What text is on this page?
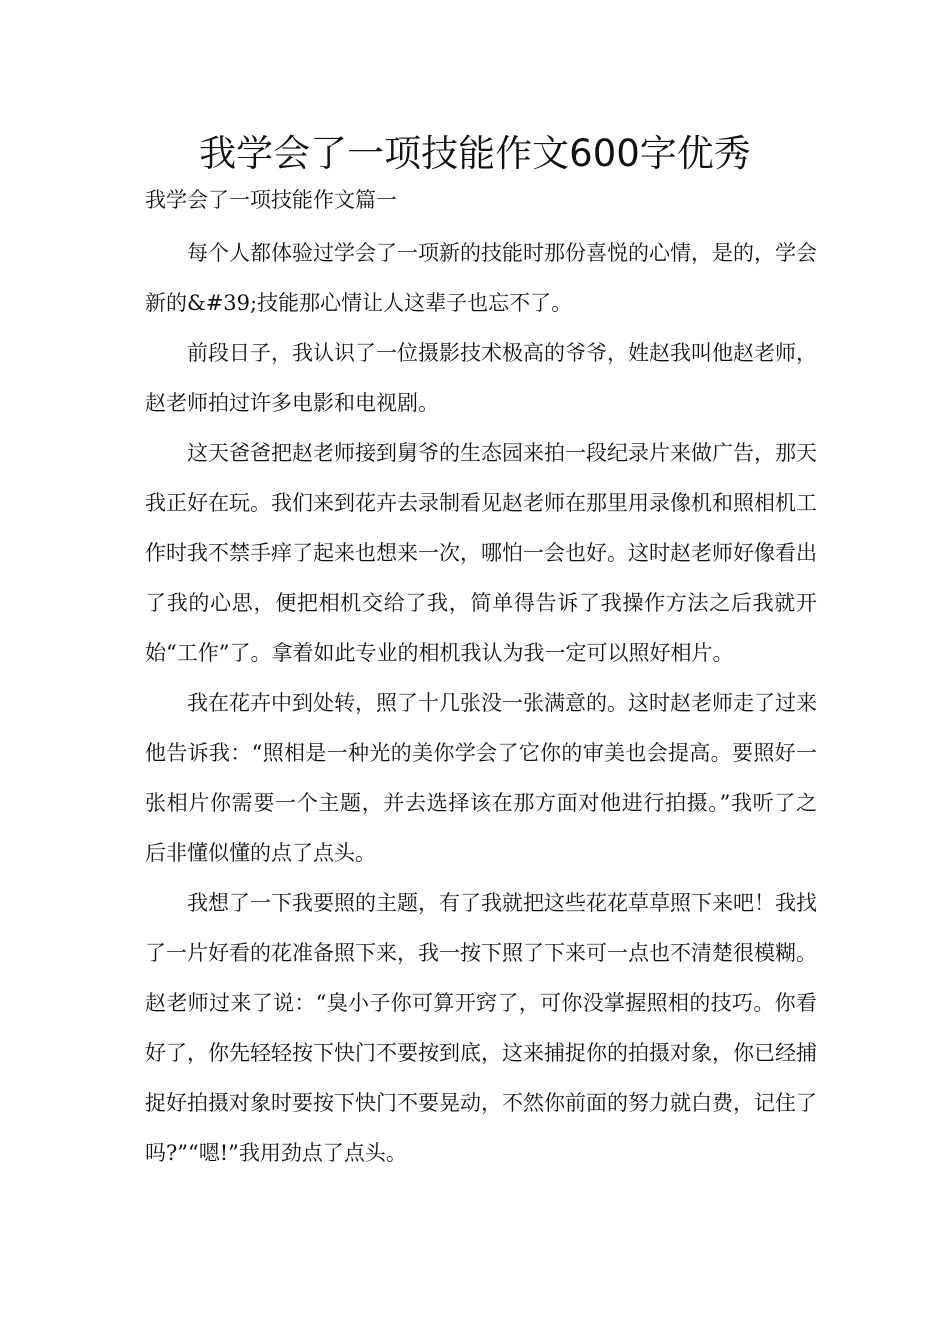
我学会了一项技能作文600字优秀
我学会了一项技能作文篇一

每个人都体验过学会了一项新的技能时那份喜悦的心情，是的，学会新的&#39;技能那心情让人这辈子也忘不了。

前段日子，我认识了一位摄影技术极高的爷爷，姓赵我叫他赵老师，赵老师拍过许多电影和电视剧。

这天爸爸把赵老师接到舅爷的生态园来拍一段纪录片来做广告，那天我正好在玩。我们来到花卉去录制看见赵老师在那里用录像机和照相机工作时我不禁手痒了起来也想来一次，哪怕一会也好。这时赵老师好像看出了我的心思，便把相机交给了我，简单得告诉了我操作方法之后我就开始“工作”了。拿着如此专业的相机我认为我一定可以照好相片。

我在花卉中到处转，照了十几张没一张满意的。这时赵老师走了过来他告诉我：“照相是一种光的美你学会了它你的审美也会提高。要照好一张相片你需要一个主题，并去选择该在那方面对他进行拍摄。”我听了之后非懂似懂的点了点头。

我想了一下我要照的主题，有了我就把这些花花草草照下来吧！我找了一片好看的花准备照下来，我一按下照了下来可一点也不清楚很模糊。赵老师过来了说：“臭小子你可算开窍了，可你没掌握照相的技巧。你看好了，你先轻轻按下快门不要按到底，这来捕捉你的拍摄对象，你已经捕捉好拍摄对象时要按下快门不要晃动，不然你前面的努力就白费，记住了吗?”“嗯!”我用劲点了点头。
